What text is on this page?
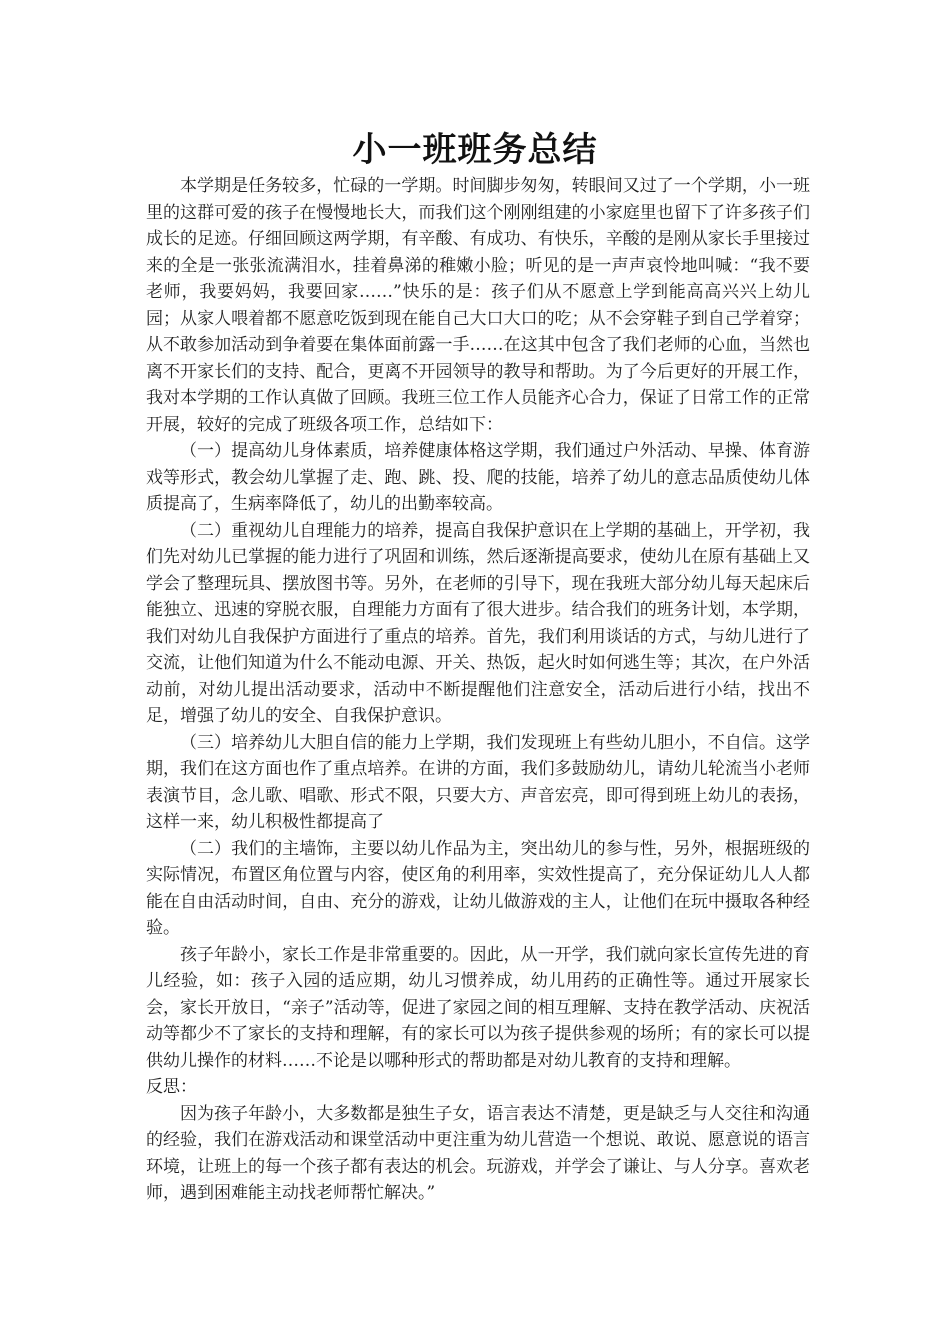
小一班班务总结

本学期是任务较多，忙碌的一学期。时间脚步匆匆，转眼间又过了一个学期，小一班里的这群可爱的孩子在慢慢地长大，而我们这个刚刚组建的小家庭里也留下了许多孩子们成长的足迹。仔细回顾这两学期，有辛酸、有成功、有快乐，辛酸的是刚从家长手里接过来的全是一张张流满泪水，挂着鼻涕的稚嫩小脸；听见的是一声声哀怜地叫喊：“我不要老师，我要妈妈，我要回家……”快乐的是：孩子们从不愿意上学到能高高兴兴上幼儿园；从家人喂着都不愿意吃饭到现在能自己大口大口的吃；从不会穿鞋子到自己学着穿；从不敢参加活动到争着要在集体面前露一手……在这其中包含了我们老师的心血，当然也离不开家长们的支持、配合，更离不开园领导的教导和帮助。为了今后更好的开展工作，我对本学期的工作认真做了回顾。我班三位工作人员能齐心合力，保证了日常工作的正常开展，较好的完成了班级各项工作，总结如下：

（一）提高幼儿身体素质，培养健康体格这学期，我们通过户外活动、早操、体育游戏等形式，教会幼儿掌握了走、跑、跳、投、爬的技能，培养了幼儿的意志品质使幼儿体质提高了，生病率降低了，幼儿的出勤率较高。

（二）重视幼儿自理能力的培养，提高自我保护意识在上学期的基础上，开学初，我们先对幼儿已掌握的能力进行了巩固和训练，然后逐渐提高要求，使幼儿在原有基础上又学会了整理玩具、摆放图书等。另外，在老师的引导下，现在我班大部分幼儿每天起床后能独立、迅速的穿脱衣服，自理能力方面有了很大进步。结合我们的班务计划，本学期，我们对幼儿自我保护方面进行了重点的培养。首先，我们利用谈话的方式，与幼儿进行了交流，让他们知道为什么不能动电源、开关、热饭，起火时如何逃生等；其次，在户外活动前，对幼儿提出活动要求，活动中不断提醒他们注意安全，活动后进行小结，找出不足，增强了幼儿的安全、自我保护意识。

（三）培养幼儿大胆自信的能力上学期，我们发现班上有些幼儿胆小，不自信。这学期，我们在这方面也作了重点培养。在讲的方面，我们多鼓励幼儿，请幼儿轮流当小老师表演节目，念儿歌、唱歌、形式不限，只要大方、声音宏亮，即可得到班上幼儿的表扬，这样一来，幼儿积极性都提高了

（二）我们的主墙饰，主要以幼儿作品为主，突出幼儿的参与性，另外，根据班级的实际情况，布置区角位置与内容，使区角的利用率，实效性提高了，充分保证幼儿人人都能在自由活动时间，自由、充分的游戏，让幼儿做游戏的主人，让他们在玩中摄取各种经验。

孩子年龄小，家长工作是非常重要的。因此，从一开学，我们就向家长宣传先进的育儿经验，如：孩子入园的适应期，幼儿习惯养成，幼儿用药的正确性等。通过开展家长会，家长开放日，“亲子”活动等，促进了家园之间的相互理解、支持在教学活动、庆祝活动等都少不了家长的支持和理解，有的家长可以为孩子提供参观的场所；有的家长可以提供幼儿操作的材料……不论是以哪种形式的帮助都是对幼儿教育的支持和理解。

反思：

因为孩子年龄小，大多数都是独生子女，语言表达不清楚，更是缺乏与人交往和沟通的经验，我们在游戏活动和课堂活动中更注重为幼儿营造一个想说、敢说、愿意说的语言环境，让班上的每一个孩子都有表达的机会。玩游戏，并学会了谦让、与人分享。喜欢老师，遇到困难能主动找老师帮忙解决。”
